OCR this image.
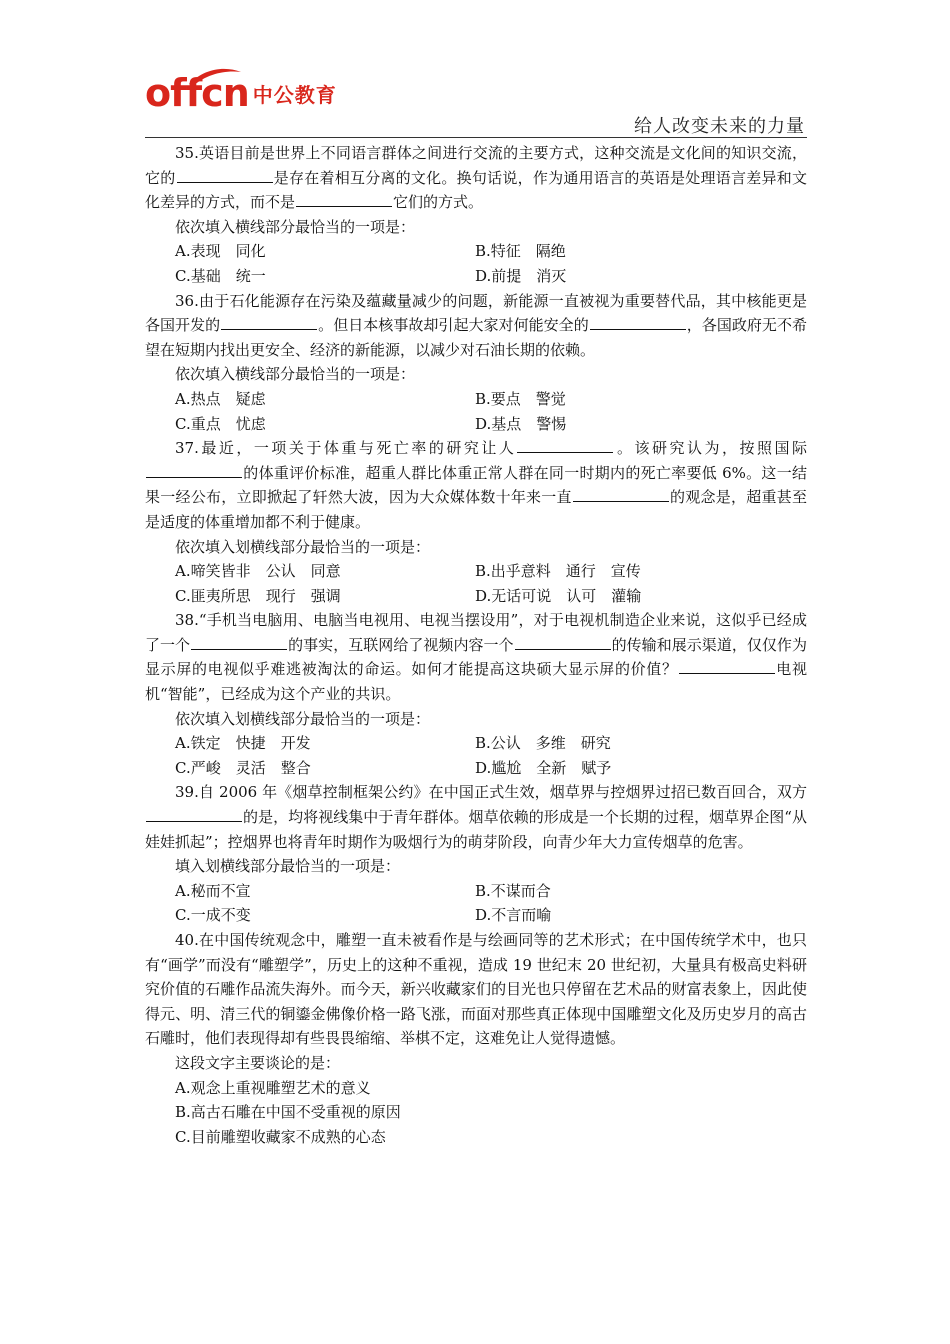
offcn 中公教育
给人改变未来的力量

35.英语目前是世界上不同语言群体之间进行交流的主要方式，这种交流是文化间的知识交流，它的	是存在着相互分离的文化。换句话说，作为通用语言的英语是处理语言差异和文化差异的方式，而不是	它们的方式。

依次填入横线部分最恰当的一项是：

A.表现　同化	B.特征　隔绝
C.基础　统一	D.前提　消灭

36.由于石化能源存在污染及蕴藏量减少的问题，新能源一直被视为重要替代品，其中核能更是各国开发的	。但日本核事故却引起大家对何能安全的	，各国政府无不希望在短期内找出更安全、经济的新能源，以减少对石油长期的依赖。

依次填入横线部分最恰当的一项是：

A.热点　疑虑	B.要点　警觉
C.重点　忧虑	D.基点　警惕

37.最近，一项关于体重与死亡率的研究让人	。该研究认为，按照国际的体重评价标准，超重人群比体重正常人群在同一时期内的死亡率要低 6%。这一结果一经公布，立即掀起了轩然大波，因为大众媒体数十年来一直	的观念是，超重甚至是适度的体重增加都不利于健康。

依次填入划横线部分最恰当的一项是：

A.啼笑皆非　公认　同意	B.出乎意料　通行　宣传
C.匪夷所思　现行　强调	D.无话可说　认可　灌输

38.“手机当电脑用、电脑当电视用、电视当摆设用”，对于电视机制造企业来说，这似乎已经成了一个	的事实，互联网给了视频内容一个	的传输和展示渠道，仅仅作为显示屏的电视似乎难逃被淘汰的命运。如何才能提高这块硕大显示屏的价值？	电视机“智能”，已经成为这个产业的共识。

依次填入划横线部分最恰当的一项是：

A.铁定　快捷　开发	B.公认　多维　研究
C.严峻　灵活　整合	D.尴尬　全新　赋予

39.自 2006 年《烟草控制框架公约》在中国正式生效，烟草界与控烟界过招已数百回合，双方的是，均将视线集中于青年群体。烟草依赖的形成是一个长期的过程，烟草界企图“从娃娃抓起”；控烟界也将青年时期作为吸烟行为的萌芽阶段，向青少年大力宣传烟草的危害。

填入划横线部分最恰当的一项是：

A.秘而不宣	B.不谋而合
C.一成不变	D.不言而喻

40.在中国传统观念中，雕塑一直未被看作是与绘画同等的艺术形式；在中国传统学术中，也只有“画学”而没有“雕塑学”，历史上的这种不重视，造成 19 世纪末 20 世纪初，大量具有极高史料研究价值的石雕作品流失海外。而今天，新兴收藏家们的目光也只停留在艺术品的财富表象上，因此使得元、明、清三代的铜鎏金佛像价格一路飞涨，而面对那些真正体现中国雕塑文化及历史岁月的高古石雕时，他们表现得却有些畏畏缩缩、举棋不定，这难免让人觉得遗憾。

这段文字主要谈论的是：

A.观念上重视雕塑艺术的意义
B.高古石雕在中国不受重视的原因
C.目前雕塑收藏家不成熟的心态
